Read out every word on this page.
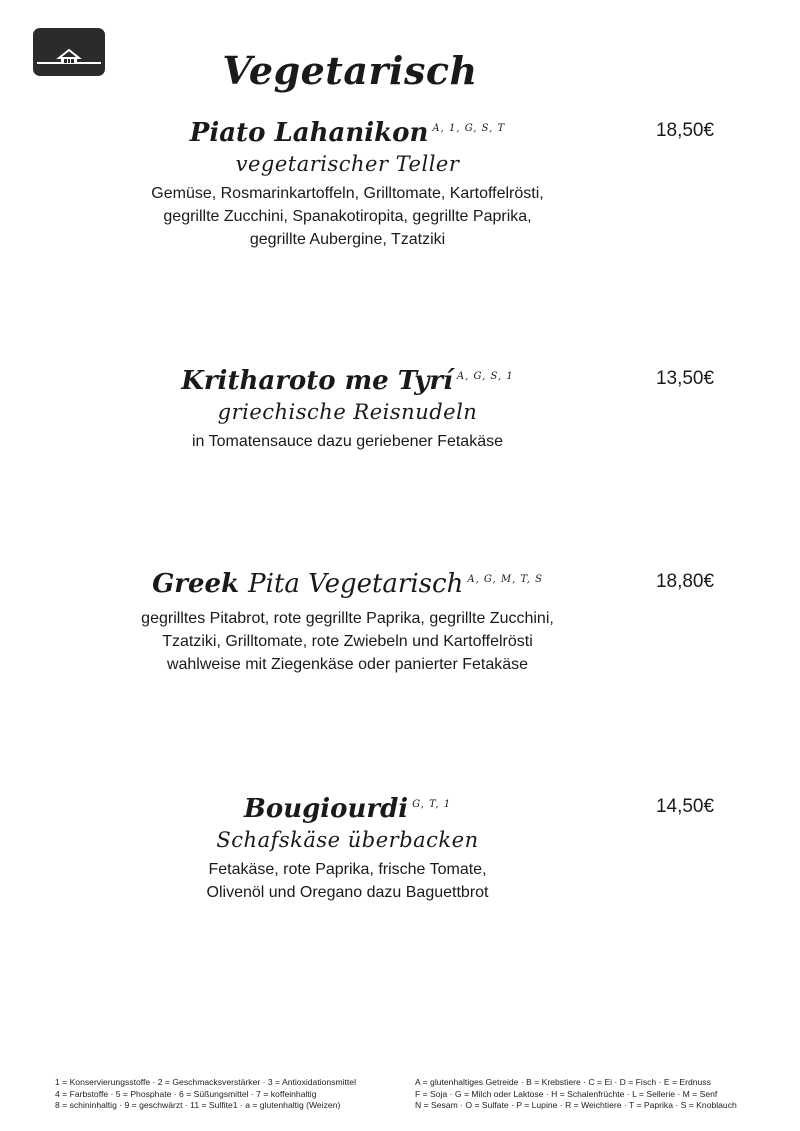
Vegetarisch
Piato Lahanikon $^{A, 1, G, S, T}$
vegetarischer Teller
Gemüse, Rosmarinkartoffeln, Grilltomate, Kartoffelrösti,
gegrillte Zucchini, Spanakotiropita, gegrillte Paprika,
gegrillte Aubergine, Tzatziki
18,50€
Kritharoto me Tyrí $^{A, G, S, 1}$
griechische Reisnudeln
in Tomatensauce dazu geriebener Fetakäse
13,50€
Greek Pita Vegetarisch $^{A, G, M, T, S}$
gegrilltes Pitabrot, rote gegrillte Paprika, gegrillte Zucchini,
Tzatziki, Grilltomate, rote Zwiebeln und Kartoffelrösti
wahlweise mit Ziegenkäse oder panierter Fetakäse
18,80€
Bougiourdi $^{G, T, 1}$
Schafskäse überbacken
Fetakäse, rote Paprika, frische Tomate,
Olivenöl und Oregano dazu Baguettbrot
14,50€
1 = Konservierungsstoffe · 2 = Geschmacksverstärker · 3 = Antioxidationsmittel
4 = Farbstoffe · 5 = Phosphate · 6 = Süßungsmittel · 7 = koffeinhaltig
8 = schininhaltig · 9 = geschwärzt · 11 = Sulfite1 · a = glutenhaltig (Weizen)
A = glutenhaltiges Getreide · B = Krebstiere · C = Ei · D = Fisch · E = Erdnuss
F = Soja · G = Milch oder Laktose · H = Schalenfrüchte · L = Sellerie · M = Senf
N = Sesam · O = Sulfate · P = Lupine · R = Weichtiere · T = Paprika · S = Knoblauch
